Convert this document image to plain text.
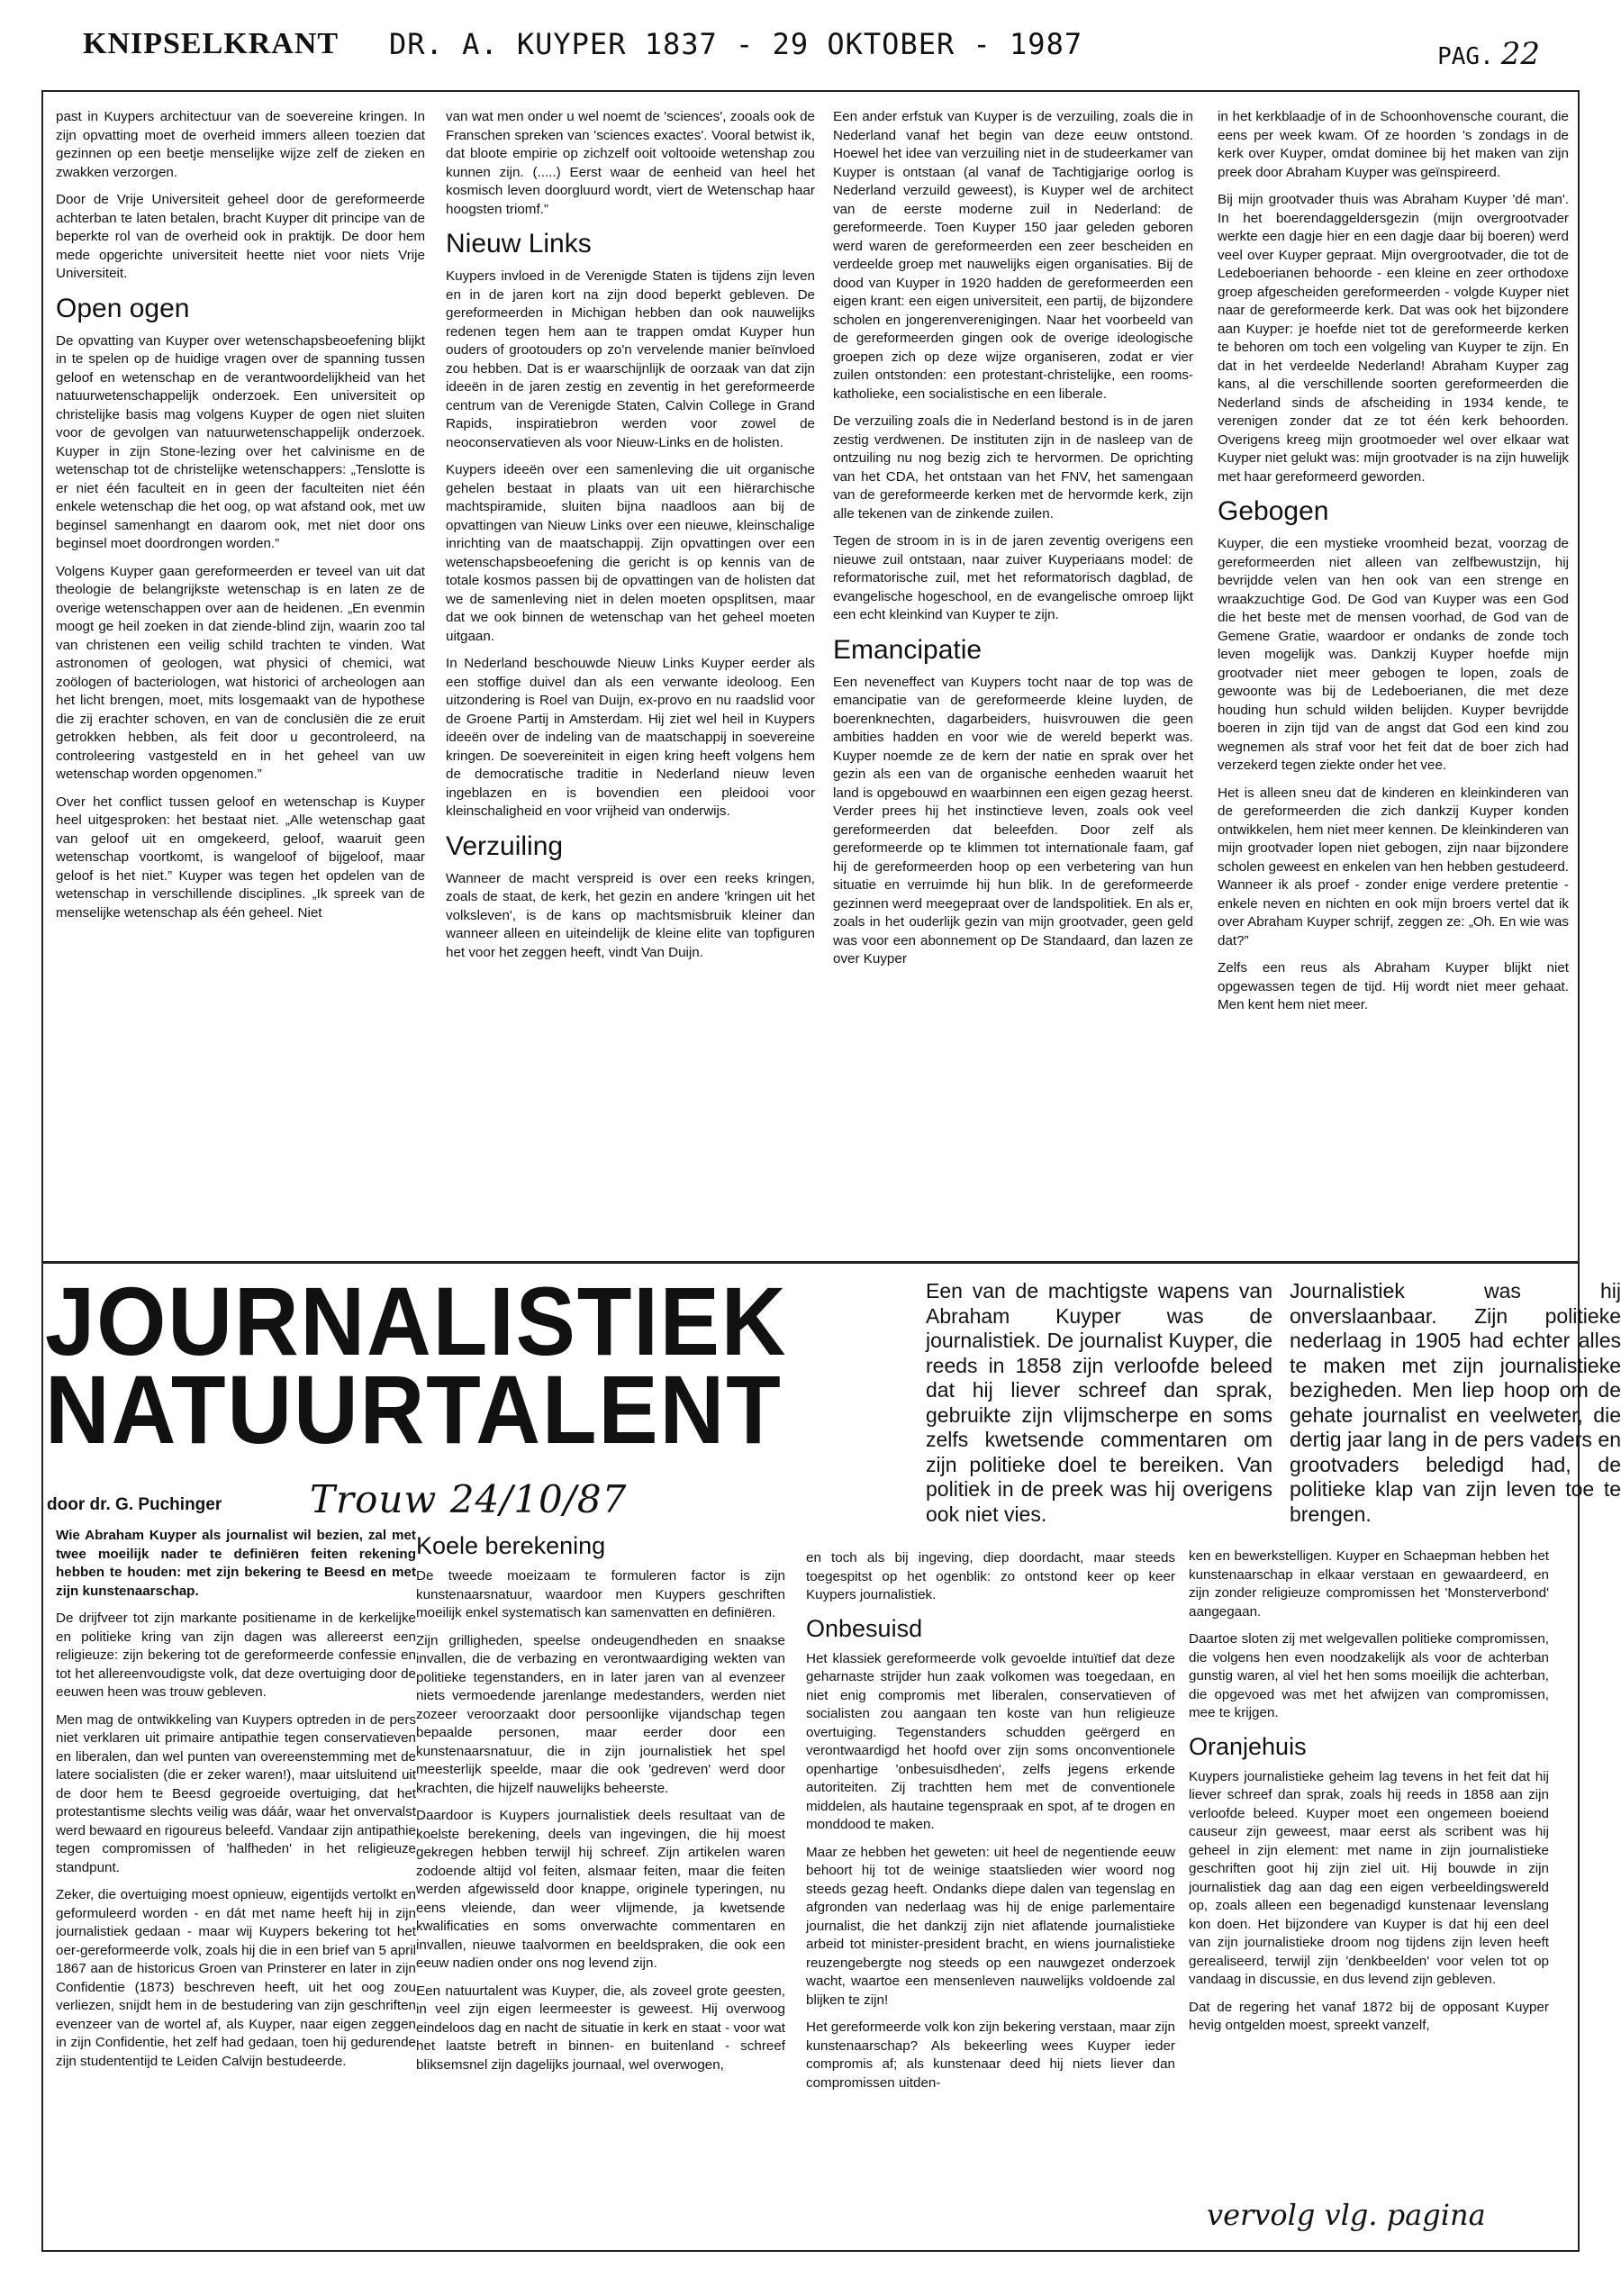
KNIPSELKRANT DR. A. KUYPER 1837 - 29 OKTOBER - 1987	PAG. 22

past in Kuypers architectuur van de soevereine kringen. In zijn opvatting moet de overheid immers alleen toezien dat gezinnen op een beetje menselijke wijze zelf de zieken en zwakken verzorgen.

Door de Vrije Universiteit geheel door de gereformeerde achterban te laten betalen, bracht Kuyper dit principe van de beperkte rol van de overheid ook in praktijk. De door hem mede opgerichte universiteit heette niet voor niets Vrije Universiteit.

Open ogen

De opvatting van Kuyper over wetenschapsbeoefening blijkt in te spelen op de huidige vragen over de spanning tussen geloof en wetenschap en de verantwoordelijkheid van het natuurwetenschappelijk onderzoek. Een universiteit op christelijke basis mag volgens Kuyper de ogen niet sluiten voor de gevolgen van natuurwetenschappelijk onderzoek. Kuyper in zijn Stone-lezing over het calvinisme en de wetenschap tot de christelijke wetenschappers: „Tenslotte is er niet één faculteit en in geen der faculteiten niet één enkele wetenschap die het oog, op wat afstand ook, met uw beginsel samenhangt en daarom ook, met niet door ons beginsel moet doordrongen worden.”

Volgens Kuyper gaan gereformeerden er teveel van uit dat theologie de belangrijkste wetenschap is en laten ze de overige wetenschappen over aan de heidenen. „En evenmin moogt ge heil zoeken in dat ziende-blind zijn, waarin zoo tal van christenen een veilig schild trachten te vinden. Wat astronomen of geologen, wat physici of chemici, wat zoölogen of bacteriologen, wat historici of archeologen aan het licht brengen, moet, mits losgemaakt van de hypothese die zij erachter schoven, en van de conclusiën die ze eruit getrokken hebben, als feit door u gecontroleerd, na controleering vastgesteld en in het geheel van uw wetenschap worden opgenomen.”

Over het conflict tussen geloof en wetenschap is Kuyper heel uitgesproken: het bestaat niet. „Alle wetenschap gaat van geloof uit en omgekeerd, geloof, waaruit geen wetenschap voortkomt, is wangeloof of bijgeloof, maar geloof is het niet.” Kuyper was tegen het opdelen van de wetenschap in verschillende disciplines. „Ik spreek van de menselijke wetenschap als één geheel. Niet

van wat men onder u wel noemt de 'sciences', zooals ook de Franschen spreken van 'sciences exactes'. Vooral betwist ik, dat bloote empirie op zichzelf ooit voltooide wetenshap zou kunnen zijn. (.....) Eerst waar de eenheid van heel het kosmisch leven doorgluurd wordt, viert de Wetenschap haar hoogsten triomf.”

Nieuw Links

Kuypers invloed in de Verenigde Staten is tijdens zijn leven en in de jaren kort na zijn dood beperkt gebleven. De gereformeerden in Michigan hebben dan ook nauwelijks redenen tegen hem aan te trappen omdat Kuyper hun ouders of grootouders op zo'n vervelende manier beïnvloed zou hebben. Dat is er waarschijnlijk de oorzaak van dat zijn ideeën in de jaren zestig en zeventig in het gereformeerde centrum van de Verenigde Staten, Calvin College in Grand Rapids, inspiratiebron werden voor zowel de neoconservatieven als voor Nieuw-Links en de holisten.

Kuypers ideeën over een samenleving die uit organische gehelen bestaat in plaats van uit een hiërarchische machtspiramide, sluiten bijna naadloos aan bij de opvattingen van Nieuw Links over een nieuwe, kleinschalige inrichting van de maatschappij. Zijn opvattingen over een wetenschapsbeoefening die gericht is op kennis van de totale kosmos passen bij de opvattingen van de holisten dat we de samenleving niet in delen moeten opsplitsen, maar dat we ook binnen de wetenschap van het geheel moeten uitgaan.

In Nederland beschouwde Nieuw Links Kuyper eerder als een stoffige duivel dan als een verwante ideoloog. Een uitzondering is Roel van Duijn, ex-provo en nu raadslid voor de Groene Partij in Amsterdam. Hij ziet wel heil in Kuypers ideeën over de indeling van de maatschappij in soevereine kringen. De soevereiniteit in eigen kring heeft volgens hem de democratische traditie in Nederland nieuw leven ingeblazen en is bovendien een pleidooi voor kleinschaligheid en voor vrijheid van onderwijs.

Verzuiling

Wanneer de macht verspreid is over een reeks kringen, zoals de staat, de kerk, het gezin en andere 'kringen uit het volksleven', is de kans op machtsmisbruik kleiner dan wanneer alleen en uiteindelijk de kleine elite van topfiguren het voor het zeggen heeft, vindt Van Duijn.

Een ander erfstuk van Kuyper is de verzuiling, zoals die in Nederland vanaf het begin van deze eeuw ontstond. Hoewel het idee van verzuiling niet in de studeerkamer van Kuyper is ontstaan (al vanaf de Tachtigjarige oorlog is Nederland verzuild geweest), is Kuyper wel de architect van de eerste moderne zuil in Nederland: de gereformeerde. Toen Kuyper 150 jaar geleden geboren werd waren de gereformeerden een zeer bescheiden en verdeelde groep met nauwelijks eigen organisaties. Bij de dood van Kuyper in 1920 hadden de gereformeerden een eigen krant: een eigen universiteit, een partij, de bijzondere scholen en jongerenverenigingen. Naar het voorbeeld van de gereformeerden gingen ook de overige ideologische groepen zich op deze wijze organiseren, zodat er vier zuilen ontstonden: een protestant-christelijke, een rooms-katholieke, een socialistische en een liberale.

De verzuiling zoals die in Nederland bestond is in de jaren zestig verdwenen. De instituten zijn in de nasleep van de ontzuiling nu nog bezig zich te hervormen. De oprichting van het CDA, het ontstaan van het FNV, het samengaan van de gereformeerde kerken met de hervormde kerk, zijn alle tekenen van de zinkende zuilen.

Tegen de stroom in is in de jaren zeventig overigens een nieuwe zuil ontstaan, naar zuiver Kuyperiaans model: de reformatorische zuil, met het reformatorisch dagblad, de evangelische hogeschool, en de evangelische omroep lijkt een echt kleinkind van Kuyper te zijn.

Emancipatie

Een neveneffect van Kuypers tocht naar de top was de emancipatie van de gereformeerde kleine luyden, de boerenknechten, dagarbeiders, huisvrouwen die geen ambities hadden en voor wie de wereld beperkt was. Kuyper noemde ze de kern der natie en sprak over het gezin als een van de organische eenheden waaruit het land is opgebouwd en waarbinnen een eigen gezag heerst. Verder prees hij het instinctieve leven, zoals ook veel gereformeerden dat beleefden. Door zelf als gereformeerde op te klimmen tot internationale faam, gaf hij de gereformeerden hoop op een verbetering van hun situatie en verruimde hij hun blik. In de gereformeerde gezinnen werd meegepraat over de landspolitiek. En als er, zoals in het ouderlijk gezin van mijn grootvader, geen geld was voor een abonnement op De Standaard, dan lazen ze over Kuyper

in het kerkblaadje of in de Schoonhovensche courant, die eens per week kwam. Of ze hoorden 's zondags in de kerk over Kuyper, omdat dominee bij het maken van zijn preek door Abraham Kuyper was geïnspireerd.

Bij mijn grootvader thuis was Abraham Kuyper 'dé man'. In het boerendaggeldersgezin (mijn overgrootvader werkte een dagje hier en een dagje daar bij boeren) werd veel over Kuyper gepraat. Mijn overgrootvader, die tot de Ledeboerianen behoorde - een kleine en zeer orthodoxe groep afgescheiden gereformeerden - volgde Kuyper niet naar de gereformeerde kerk. Dat was ook het bijzondere aan Kuyper: je hoefde niet tot de gereformeerde kerken te behoren om toch een volgeling van Kuyper te zijn. En dat in het verdeelde Nederland! Abraham Kuyper zag kans, al die verschillende soorten gereformeerden die Nederland sinds de afscheiding in 1934 kende, te verenigen zonder dat ze tot één kerk behoorden. Overigens kreeg mijn grootmoeder wel over elkaar wat Kuyper niet gelukt was: mijn grootvader is na zijn huwelijk met haar gereformeerd geworden.

Gebogen

Kuyper, die een mystieke vroomheid bezat, voorzag de gereformeerden niet alleen van zelfbewustzijn, hij bevrijdde velen van hen ook van een strenge en wraakzuchtige God. De God van Kuyper was een God die het beste met de mensen voorhad, de God van de Gemene Gratie, waardoor er ondanks de zonde toch leven mogelijk was. Dankzij Kuyper hoefde mijn grootvader niet meer gebogen te lopen, zoals de gewoonte was bij de Ledeboerianen, die met deze houding hun schuld wilden belijden. Kuyper bevrijdde boeren in zijn tijd van de angst dat God een kind zou wegnemen als straf voor het feit dat de boer zich had verzekerd tegen ziekte onder het vee.

Het is alleen sneu dat de kinderen en kleinkinderen van de gereformeerden die zich dankzij Kuyper konden ontwikkelen, hem niet meer kennen. De kleinkinderen van mijn grootvader lopen niet gebogen, zijn naar bijzondere scholen geweest en enkelen van hen hebben gestudeerd. Wanneer ik als proef - zonder enige verdere pretentie - enkele neven en nichten en ook mijn broers vertel dat ik over Abraham Kuyper schrijf, zeggen ze: „Oh. En wie was dat?”

Zelfs een reus als Abraham Kuyper blijkt niet opgewassen tegen de tijd. Hij wordt niet meer gehaat. Men kent hem niet meer.

JOURNALISTIEK
NATUURTALENT
door dr. G. Puchinger Trouw 24/10/87
Een van de machtigste wapens van Abraham Kuyper was de journalistiek. De journalist Kuyper, die reeds in 1858 zijn verloofde beleed dat hij liever schreef dan sprak, gebruikte zijn vlijmscherpe en soms zelfs kwetsende commentaren om zijn politieke doel te bereiken. Van politiek in de preek was hij overigens ook niet vies.
Journalistiek was hij onverslaanbaar. Zijn politieke nederlaag in 1905 had echter alles te maken met zijn journalistieke bezigheden. Men liep hoop om de gehate journalist en veelweter, die dertig jaar lang in de pers vaders en grootvaders beledigd had, de politieke klap van zijn leven toe te brengen.

Wie Abraham Kuyper als journalist wil bezien, zal met twee moeilijk nader te definiëren feiten rekening hebben te houden: met zijn bekering te Beesd en met zijn kunstenaarschap.

De drijfveer tot zijn markante positiename in de kerkelijke en politieke kring van zijn dagen was allereerst een religieuze: zijn bekering tot de gereformeerde confessie en tot het allereenvoudigste volk, dat deze overtuiging door de eeuwen heen was trouw gebleven.

Men mag de ontwikkeling van Kuypers optreden in de pers niet verklaren uit primaire antipathie tegen conservatieven en liberalen, dan wel punten van overeenstemming met de latere socialisten (die er zeker waren!), maar uitsluitend uit de door hem te Beesd gegroeide overtuiging, dat het protestantisme slechts veilig was dáár, waar het onvervalst werd bewaard en rigoureus beleefd. Vandaar zijn antipathie tegen compromissen of 'halfheden' in het religieuze standpunt.

Zeker, die overtuiging moest opnieuw, eigentijds vertolkt en geformuleerd worden - en dát met name heeft hij in zijn journalistiek gedaan - maar wij Kuypers bekering tot het oer-gereformeerde volk, zoals hij die in een brief van 5 april 1867 aan de historicus Groen van Prinsterer en later in zijn Confidentie (1873) beschreven heeft, uit het oog zou verliezen, snijdt hem in de bestudering van zijn geschriften evenzeer van de wortel af, als Kuyper, naar eigen zeggen in zijn Confidentie, het zelf had gedaan, toen hij gedurende zijn studententijd te Leiden Calvijn bestudeerde.

Koele berekening

De tweede moeizaam te formuleren factor is zijn kunstenaarsnatuur, waardoor men Kuypers geschriften moeilijk enkel systematisch kan samenvatten en definiëren.

Zijn grilligheden, speelse ondeugendheden en snaakse invallen, die de verbazing en verontwaardiging wekten van politieke tegenstanders, en in later jaren van al evenzeer niets vermoedende jarenlange medestanders, werden niet zozeer veroorzaakt door persoonlijke vijandschap tegen bepaalde personen, maar eerder door een kunstenaarsnatuur, die in zijn journalistiek het spel meesterlijk speelde, maar die ook 'gedreven' werd door krachten, die hijzelf nauwelijks beheerste.

Daardoor is Kuypers journalistiek deels resultaat van de koelste berekening, deels van ingevingen, die hij moest gekregen hebben terwijl hij schreef. Zijn artikelen waren zodoende altijd vol feiten, alsmaar feiten, maar die feiten werden afgewisseld door knappe, originele typeringen, nu eens vleiende, dan weer vlijmende, ja kwetsende kwalificaties en soms onverwachte commentaren en invallen, nieuwe taalvormen en beeldspraken, die ook een eeuw nadien onder ons nog levend zijn.

Een natuurtalent was Kuyper, die, als zoveel grote geesten, in veel zijn eigen leermeester is geweest. Hij overwoog eindeloos dag en nacht de situatie in kerk en staat - voor wat het laatste betreft in binnen- en buitenland - schreef bliksemsnel zijn dagelijks journaal, wel overwogen,

en toch als bij ingeving, diep doordacht, maar steeds toegespitst op het ogenblik: zo ontstond keer op keer Kuypers journalistiek.

Onbesuisd

Het klassiek gereformeerde volk gevoelde intuïtief dat deze geharnaste strijder hun zaak volkomen was toegedaan, en niet enig compromis met liberalen, conservatieven of socialisten zou aangaan ten koste van hun religieuze overtuiging. Tegenstanders schudden geërgerd en verontwaardigd het hoofd over zijn soms onconventionele openhartige 'onbesuisdheden', zelfs jegens erkende autoriteiten. Zij trachtten hem met de conventionele middelen, als hautaine tegenspraak en spot, af te drogen en monddood te maken.

Maar ze hebben het geweten: uit heel de negentiende eeuw behoort hij tot de weinige staatslieden wier woord nog steeds gezag heeft. Ondanks diepe dalen van tegenslag en afgronden van nederlaag was hij de enige parlementaire journalist, die het dankzij zijn niet aflatende journalistieke arbeid tot minister-president bracht, en wiens journalistieke reuzengebergte nog steeds op een nauwgezet onderzoek wacht, waartoe een mensenleven nauwelijks voldoende zal blijken te zijn!

Het gereformeerde volk kon zijn bekering verstaan, maar zijn kunstenaarschap? Als bekeerling wees Kuyper ieder compromis af; als kunstenaar deed hij niets liever dan compromissen uitden-

ken en bewerkstelligen. Kuyper en Schaepman hebben het kunstenaarschap in elkaar verstaan en gewaardeerd, en zijn zonder religieuze compromissen het 'Monsterverbond' aangegaan.

Daartoe sloten zij met welgevallen politieke compromissen, die volgens hen even noodzakelijk als voor de achterban gunstig waren, al viel het hen soms moeilijk die achterban, die opgevoed was met het afwijzen van compromissen, mee te krijgen.

Oranjehuis

Kuypers journalistieke geheim lag tevens in het feit dat hij liever schreef dan sprak, zoals hij reeds in 1858 aan zijn verloofde beleed. Kuyper moet een ongemeen boeiend causeur zijn geweest, maar eerst als scribent was hij geheel in zijn element: met name in zijn journalistieke geschriften goot hij zijn ziel uit. Hij bouwde in zijn journalistiek dag aan dag een eigen verbeeldingswereld op, zoals alleen een begenadigd kunstenaar levenslang kon doen. Het bijzondere van Kuyper is dat hij een deel van zijn journalistieke droom nog tijdens zijn leven heeft gerealiseerd, terwijl zijn 'denkbeelden' voor velen tot op vandaag in discussie, en dus levend zijn gebleven.

Dat de regering het vanaf 1872 bij de opposant Kuyper hevig ontgelden moest, spreekt vanzelf,

vervolg vlg. pagina
